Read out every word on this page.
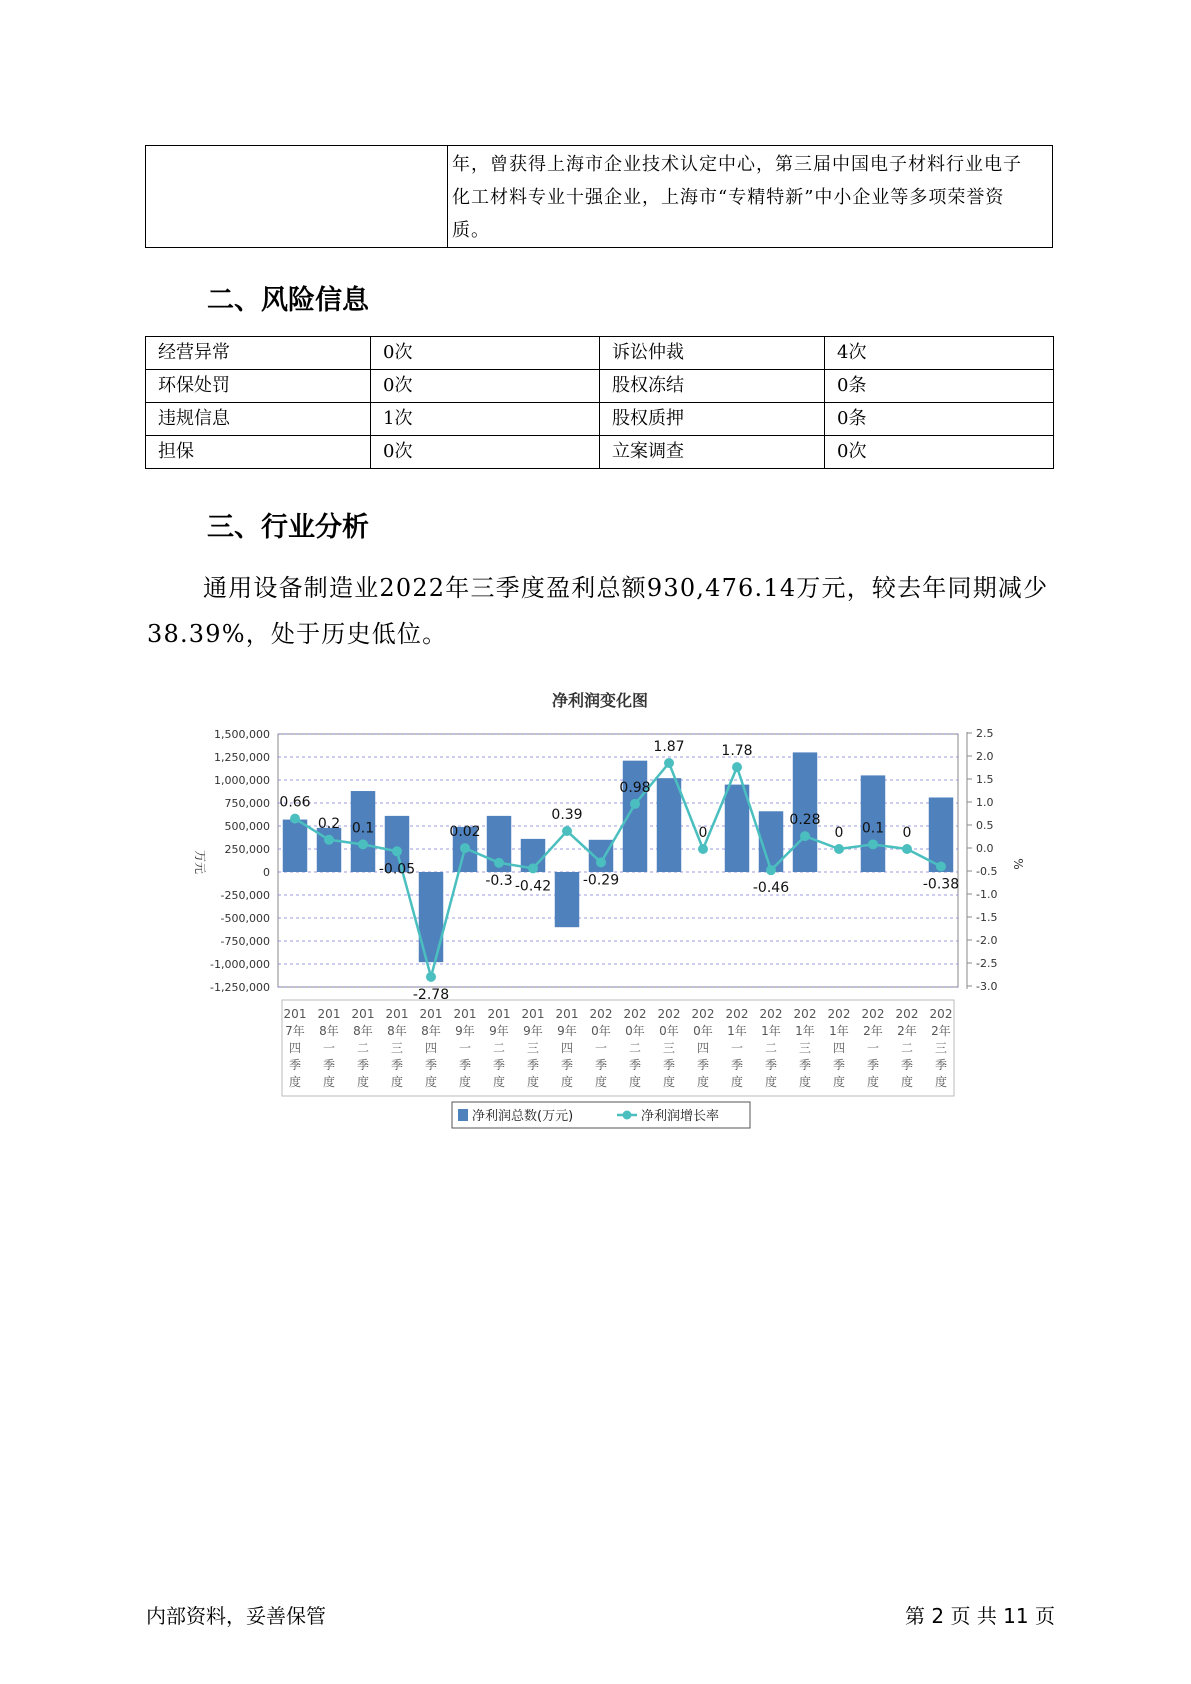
年，曾获得上海市企业技术认定中心，第三届中国电子材料行业电子
化工材料专业十强企业，上海市“专精特新”中小企业等多项荣誉资
质。
二、风险信息
经营异常	0次	诉讼仲裁	4次
环保处罚	0次	股权冻结	0条
违规信息	1次	股权质押	0条
担保	0次	立案调查	0次
三、行业分析
通用设备制造业2022年三季度盈利总额930,476.14万元，较去年同期减少38.39%，处于历史低位。
净利润变化图
0.66
0.2 0.1
-0.05
-2.78
0.02
-0.3 -0.42
0.39
-0.29
0.98
1.87
0
1.78
-0.46
0.28
0 0.1 0
-0.38
1,500,000
1,250,000
1,000,000
750,000
500,000
250,000
0
-250,000
-500,000
-750,000
-1,000,000
-1,250,000
万元
2.5
2.0
1.5
1.0
0.5
0.0
-0.5
-1.0
-1.5
-2.0
-2.5
-3.0
%
201
7年
四
季
度
201
8年
一
季
度
201
8年
二
季
度
201
8年
三
季
度
201
8年
四
季
度
201
9年
一
季
度
201
9年
二
季
度
201
9年
三
季
度
201
9年
四
季
度
202
0年
一
季
度
202
0年
二
季
度
202
0年
三
季
度
202
0年
四
季
度
202
1年
一
季
度
202
1年
二
季
度
202
1年
三
季
度
202
1年
四
季
度
202
2年
一
季
度
202
2年
二
季
度
202
2年
三
季
度
净利润总数(万元)	净利润增长率
内部资料，妥善保管	第 2 页 共 11 页
